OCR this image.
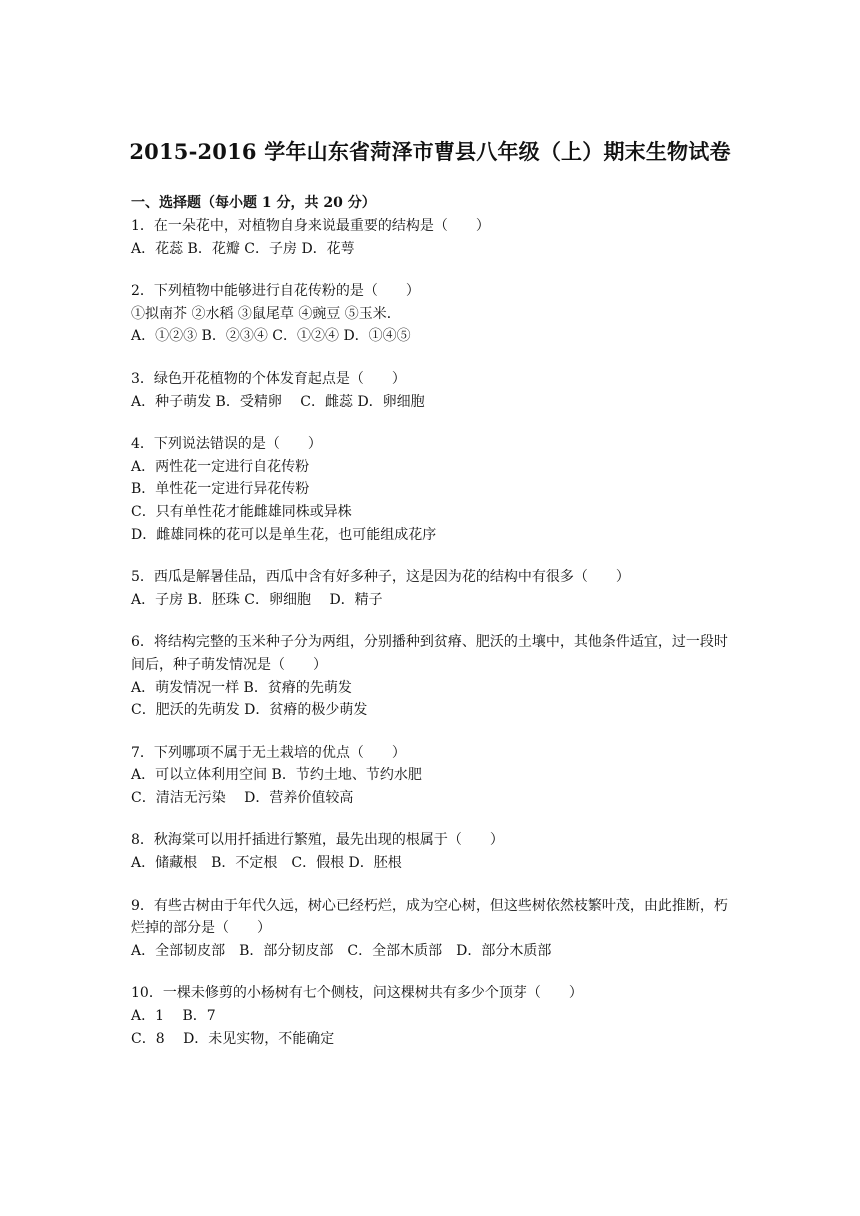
2015-2016 学年山东省菏泽市曹县八年级（上）期末生物试卷
一、选择题（每小题 1 分，共 20 分）
1．在一朵花中，对植物自身来说最重要的结构是（　　）
A．花蕊 B．花瓣 C．子房 D．花萼
2．下列植物中能够进行自花传粉的是（　　）
①拟南芥 ②水稻 ③鼠尾草 ④豌豆 ⑤玉米．
A．①②③ B．②③④ C．①②④ D．①④⑤
3．绿色开花植物的个体发育起点是（　　）
A．种子萌发 B．受精卵　 C．雌蕊 D．卵细胞
4．下列说法错误的是（　　）
A．两性花一定进行自花传粉
B．单性花一定进行异花传粉
C．只有单性花才能雌雄同株或异株
D．雌雄同株的花可以是单生花，也可能组成花序
5．西瓜是解暑佳品，西瓜中含有好多种子，这是因为花的结构中有很多（　　）
A．子房 B．胚珠 C．卵细胞　 D．精子
6．将结构完整的玉米种子分为两组，分别播种到贫瘠、肥沃的土壤中，其他条件适宜，过一段时间后，种子萌发情况是（　　）
A．萌发情况一样 B．贫瘠的先萌发
C．肥沃的先萌发 D．贫瘠的极少萌发
7．下列哪项不属于无土栽培的优点（　　）
A．可以立体利用空间 B．节约土地、节约水肥
C．清洁无污染　 D．营养价值较高
8．秋海棠可以用扦插进行繁殖，最先出现的根属于（　　）
A．储藏根　B．不定根　C．假根 D．胚根
9．有些古树由于年代久远，树心已经朽烂，成为空心树，但这些树依然枝繁叶茂，由此推断，朽烂掉的部分是（　　）
A．全部韧皮部　B．部分韧皮部　C．全部木质部　D．部分木质部
10．一棵未修剪的小杨树有七个侧枝，问这棵树共有多少个顶芽（　　）
A．1　 B．7
C．8　 D．未见实物，不能确定
